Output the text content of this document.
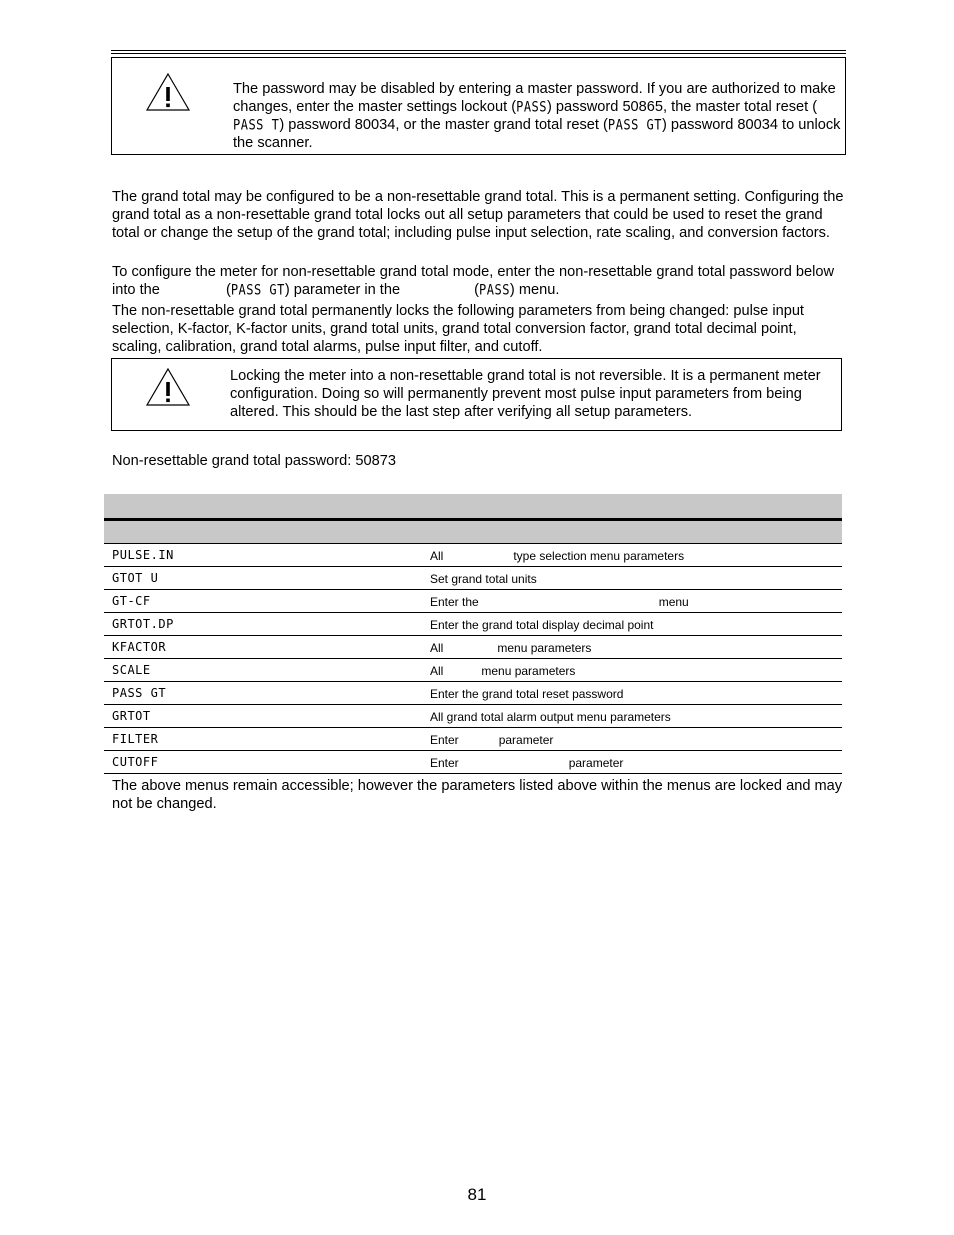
The password may be disabled by entering a master password. If you are authorized to make changes, enter the master settings lockout (PASS) password 50865, the master total reset (PASS T) password 80034, or the master grand total reset (PASS GT) password 80034 to unlock the scanner.
The grand total may be configured to be a non-resettable grand total. This is a permanent setting. Configuring the grand total as a non-resettable grand total locks out all setup parameters that could be used to reset the grand total or change the setup of the grand total; including pulse input selection, rate scaling, and conversion factors.
To configure the meter for non-resettable grand total mode, enter the non-resettable grand total password below into the	(PASS GT) parameter in the	(PASS) menu.
The non-resettable grand total permanently locks the following parameters from being changed: pulse input selection, K-factor, K-factor units, grand total units, grand total conversion factor, grand total decimal point, scaling, calibration, grand total alarms, pulse input filter, and cutoff.
Locking the meter into a non-resettable grand total is not reversible. It is a permanent meter configuration. Doing so will permanently prevent most pulse input parameters from being altered. This should be the last step after verifying all setup parameters.
Non-resettable grand total password: 50873
PULSE.IN	All	type selection menu parameters
GTOT U	Set grand total units
GT-CF	Enter the	menu
GRTOT.DP	Enter the grand total display decimal point
KFACTOR	All	menu parameters
SCALE	All	menu parameters
PASS GT	Enter the grand total reset password
GRTOT	All grand total alarm output menu parameters
FILTER	Enter	parameter
CUTOFF	Enter	parameter
The above menus remain accessible; however the parameters listed above within the menus are locked and may not be changed.
81
